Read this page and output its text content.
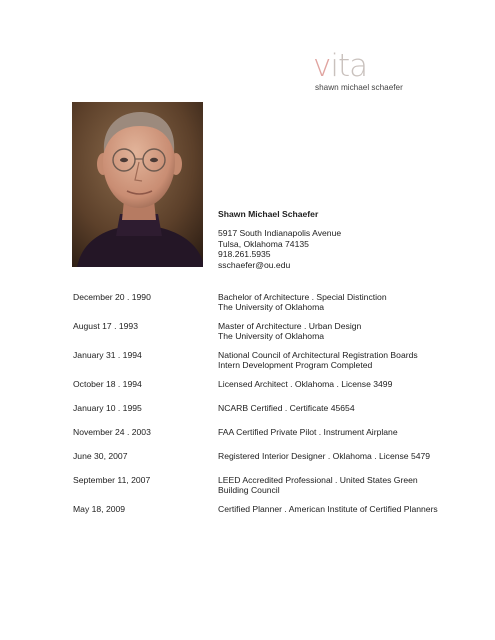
vita
shawn michael schaefer
Shawn Michael Schaefer
5917 South Indianapolis Avenue
Tulsa, Oklahoma 74135
918.261.5935
sschaefer@ou.edu
December 20 . 1990	Bachelor of Architecture . Special Distinction
The University of Oklahoma
August 17 . 1993	Master of Architecture . Urban Design
The University of Oklahoma
January 31 . 1994	National Council of Architectural Registration Boards
Intern Development Program Completed
October 18 . 1994	Licensed Architect . Oklahoma . License 3499
January 10 . 1995	NCARB Certified . Certificate 45654
November 24 . 2003	FAA Certified Private Pilot . Instrument Airplane
June 30, 2007	Registered Interior Designer . Oklahoma . License 5479
September 11, 2007	LEED Accredited Professional . United States Green
Building Council
May 18, 2009	Certified Planner . American Institute of Certified Planners
